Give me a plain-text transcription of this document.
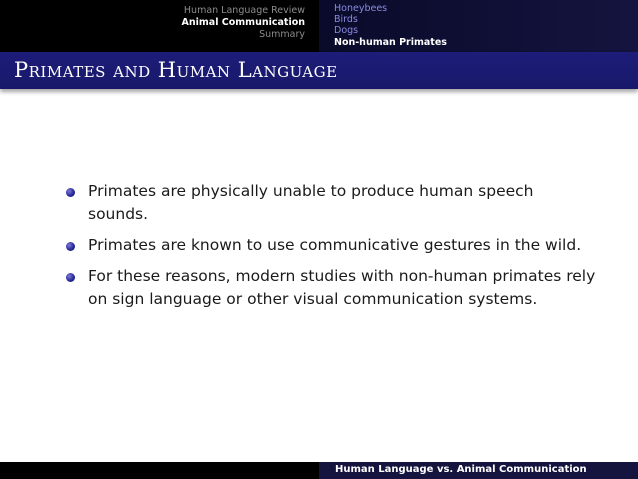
Human Language Review
Animal Communication
Summary
Honeybees
Birds
Dogs
Non-human Primates
Primates and Human Language
Primates are physically unable to produce human speech sounds.
Primates are known to use communicative gestures in the wild.
For these reasons, modern studies with non-human primates rely on sign language or other visual communication systems.
Human Language vs. Animal Communication
